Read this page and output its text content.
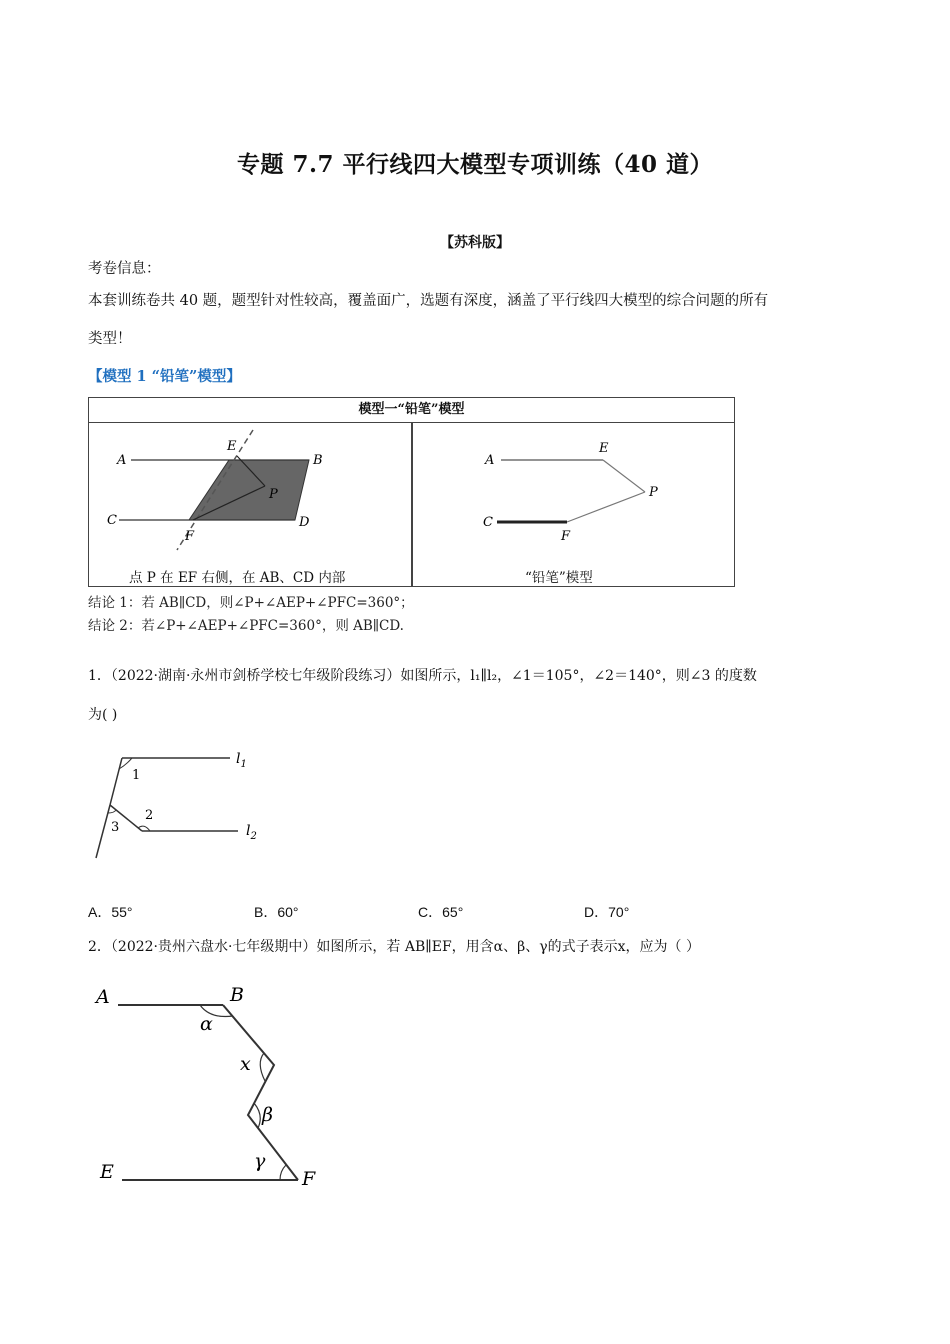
专题 7.7 平行线四大模型专项训练（40 道）
【苏科版】
考卷信息：
本套训练卷共 40 题，题型针对性较高，覆盖面广，选题有深度，涵盖了平行线四大模型的综合问题的所有
类型！
【模型 1 “铅笔”模型】
模型一“铅笔”模型
A	B
C	D
E
F
P
A
E
P
C
F
点 P 在 EF 右侧，在 AB、CD 内部	“铅笔”模型
结论 1：若 AB∥CD，则∠P+∠AEP+∠PFC=360°；
结论 2：若∠P+∠AEP+∠PFC=360°，则 AB∥CD.
1．（2022·湖南·永州市剑桥学校七年级阶段练习）如图所示，l₁∥l₂，∠1＝105°，∠2＝140°，则∠3 的度数
为( )
1
2
3
$l_1$
$l_2$
A．55°	B．60°	C．65°	D．70°
2．（2022·贵州六盘水·七年级期中）如图所示，若 AB∥EF，用含α、β、γ的式子表示x，应为（ ）
A	B
α
x
β
γ
E	F
